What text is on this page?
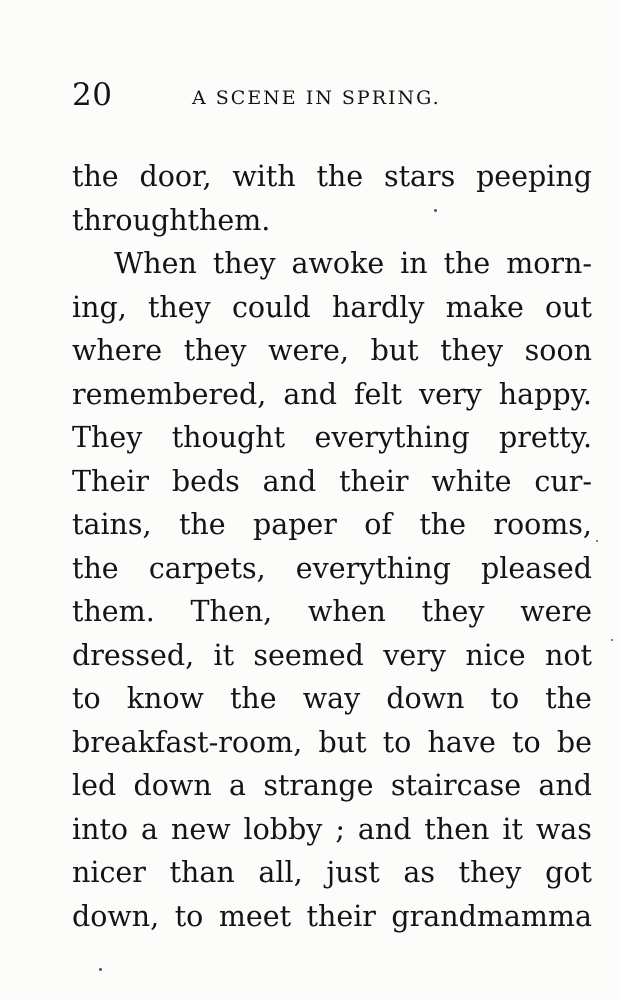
20	A SCENE IN SPRING.
the door, with the stars peeping
through them.
When they awoke in the morn-
ing, they could hardly make out
where they were, but they soon
remembered, and felt very happy.
They thought everything pretty.
Their beds and their white cur-
tains, the paper of the rooms,
the carpets, everything pleased
them. Then, when they were
dressed, it seemed very nice not
to know the way down to the
breakfast-room, but to have to be
led down a strange staircase and
into a new lobby ; and then it was
nicer than all, just as they got
down, to meet their grandmamma
